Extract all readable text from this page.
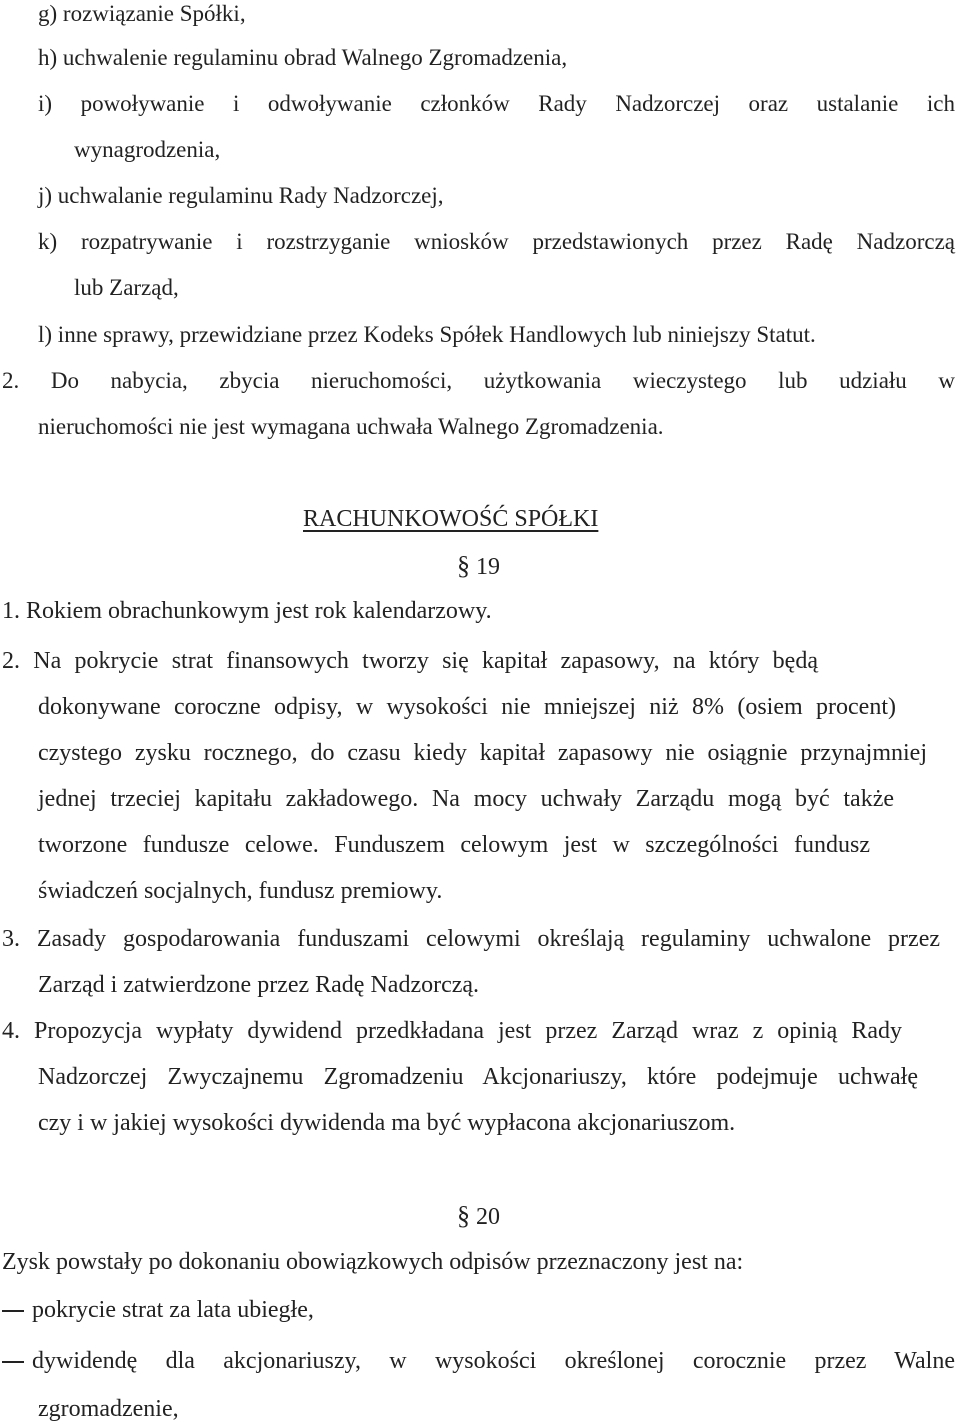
g) rozwiązanie Spółki,
h) uchwalenie regulaminu obrad Walnego Zgromadzenia,
i) powoływanie i odwoływanie członków Rady Nadzorczej oraz ustalanie ich
wynagrodzenia,
j) uchwalanie regulaminu Rady Nadzorczej,
k) rozpatrywanie i rozstrzyganie wniosków przedstawionych przez Radę Nadzorczą
lub Zarząd,
l) inne sprawy, przewidziane przez Kodeks Spółek Handlowych lub niniejszy Statut.
2. Do nabycia, zbycia nieruchomości, użytkowania wieczystego lub udziału w
nieruchomości nie jest wymagana uchwała Walnego Zgromadzenia.
RACHUNKOWOŚĆ SPÓŁKI
§ 19
1. Rokiem obrachunkowym jest rok kalendarzowy.
2. Na pokrycie strat finansowych tworzy się kapitał zapasowy, na który będą
dokonywane coroczne odpisy, w wysokości nie mniejszej niż 8% (osiem procent)
czystego zysku rocznego, do czasu kiedy kapitał zapasowy nie osiągnie przynajmniej
jednej trzeciej kapitału zakładowego. Na mocy uchwały Zarządu mogą być także
tworzone fundusze celowe. Funduszem celowym jest w szczególności fundusz
świadczeń socjalnych, fundusz premiowy.
3. Zasady gospodarowania funduszami celowymi określają regulaminy uchwalone przez
Zarząd i zatwierdzone przez Radę Nadzorczą.
4. Propozycja wypłaty dywidend przedkładana jest przez Zarząd wraz z opinią Rady
Nadzorczej Zwyczajnemu Zgromadzeniu Akcjonariuszy, które podejmuje uchwałę
czy i w jakiej wysokości dywidenda ma być wypłacona akcjonariuszom.
§ 20
Zysk powstały po dokonaniu obowiązkowych odpisów przeznaczony jest na:
pokrycie strat za lata ubiegłe,
dywidendę dla akcjonariuszy, w wysokości określonej corocznie przez Walne
zgromadzenie,
